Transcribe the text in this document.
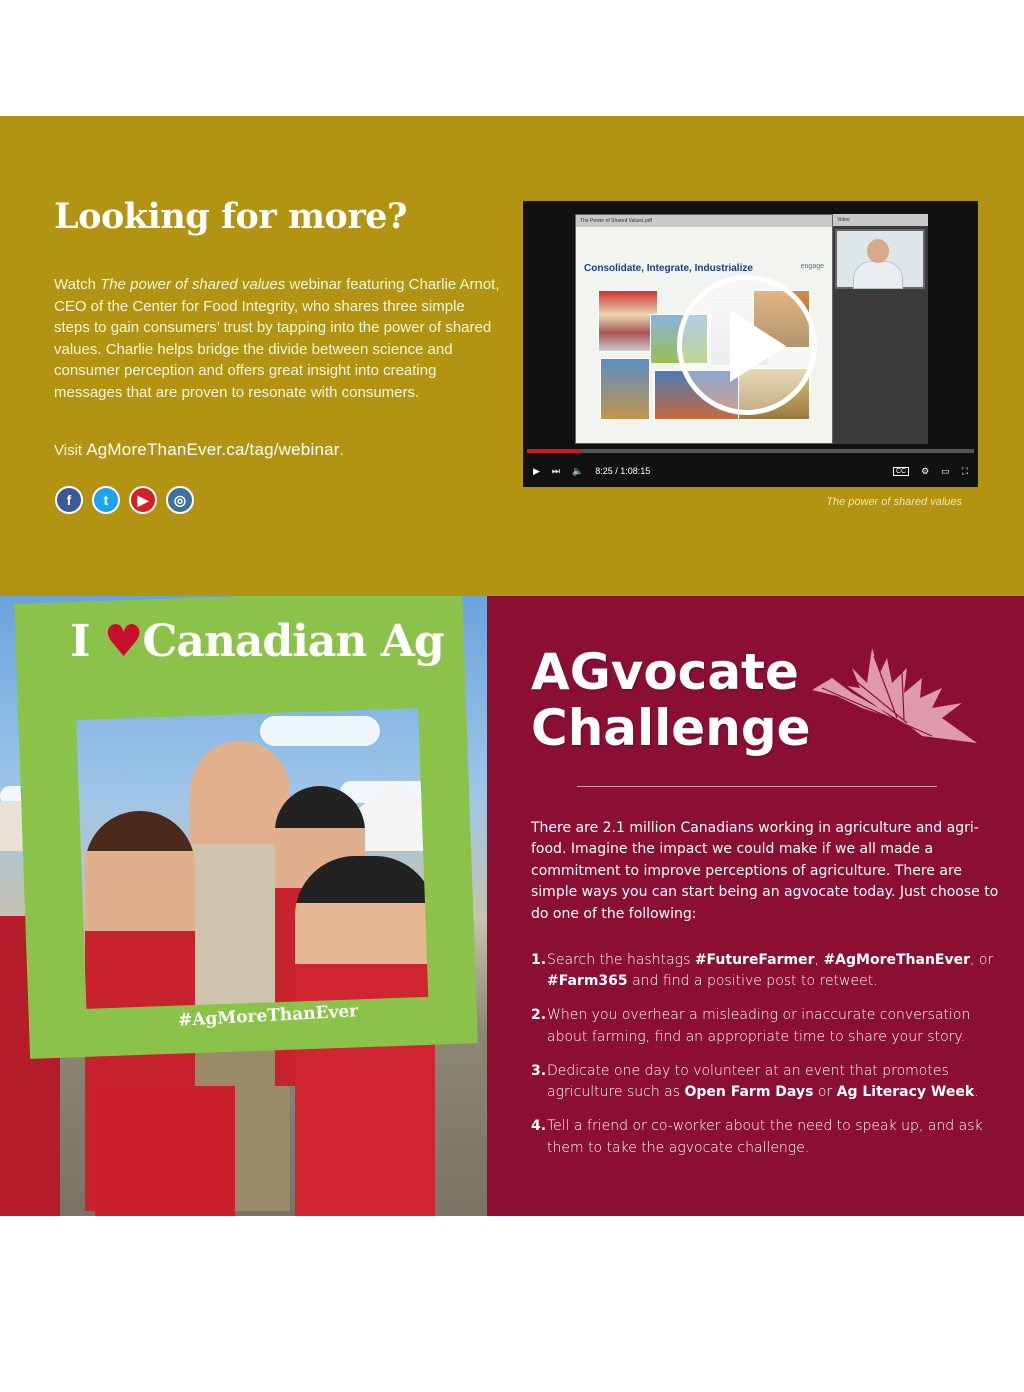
Looking for more?

Watch The power of shared values webinar featuring Charlie Arnot, CEO of the Center for Food Integrity, who shares three simple steps to gain consumers’ trust by tapping into the power of shared values. Charlie helps bridge the divide between science and consumer perception and offers great insight into creating messages that are proven to resonate with consumers.

Visit AgMoreThanEver.ca/tag/webinar.

f	t	▶	◎
The Power of Shared Values.pdf
Consolidate, Integrate, Industrialize	engage
Video
▶ ⏭ 🔈 8:25 / 1:08:15	CC	⚙ ▭ ⛶
The power of shared values
I ♥Canadian Ag
#AgMoreThanEver
AGvocate
Challenge

There are 2.1 million Canadians working in agriculture and agri-food. Imagine the impact we could make if we all made a commitment to improve perceptions of agriculture. There are simple ways you can start being an agvocate today. Just choose to do one of the following:

1. Search the hashtags #FutureFarmer, #AgMoreThanEver, or #Farm365 and find a positive post to retweet.
2. When you overhear a misleading or inaccurate conversation about farming, find an appropriate time to share your story.
3. Dedicate one day to volunteer at an event that promotes agriculture such as Open Farm Days or Ag Literacy Week.
4. Tell a friend or co-worker about the need to speak up, and ask them to take the agvocate challenge.
